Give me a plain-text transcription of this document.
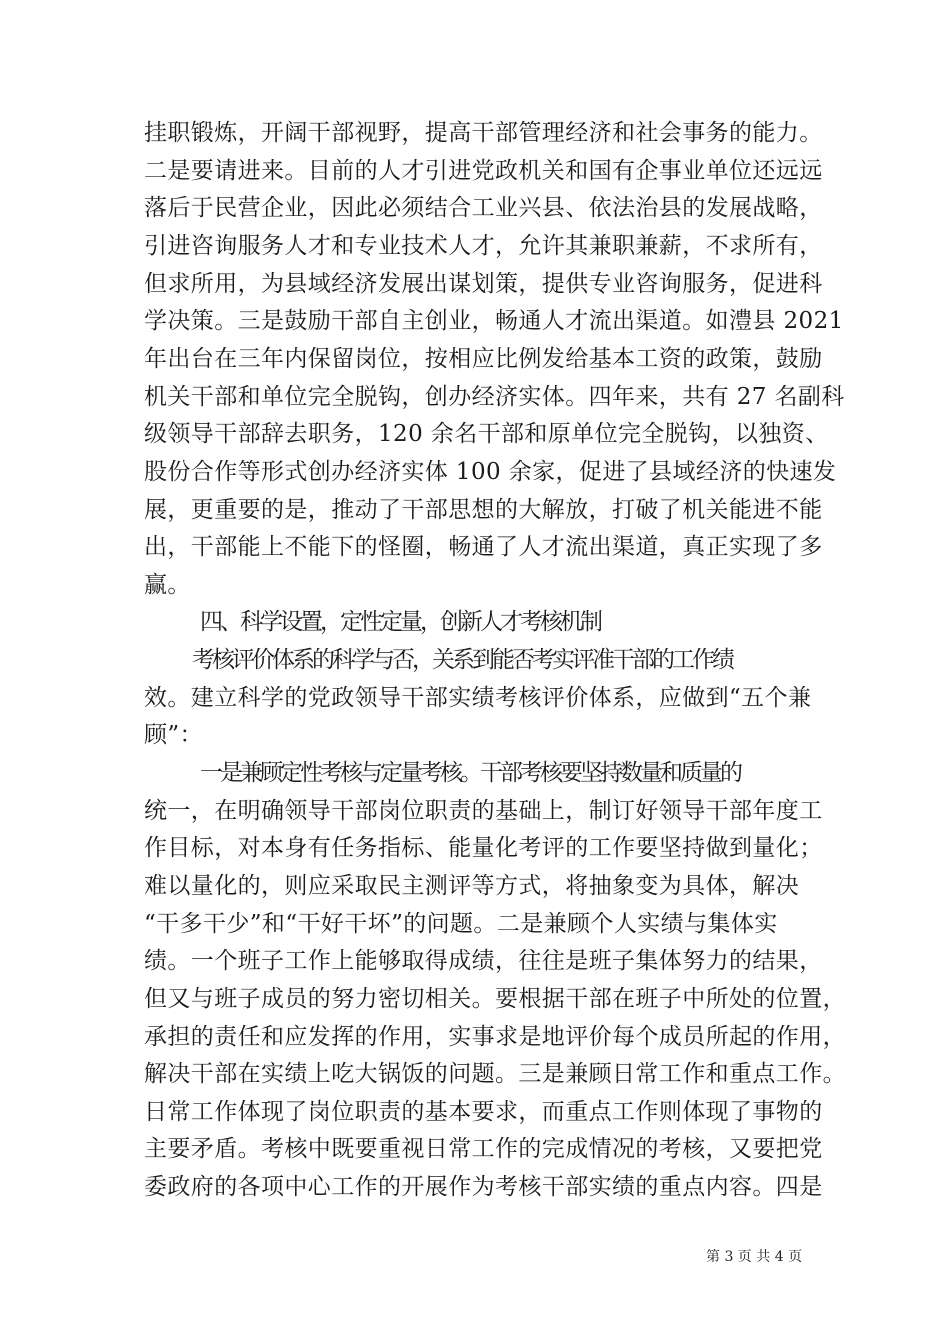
挂职锻炼，开阔干部视野，提高干部管理经济和社会事务的能力。
二是要请进来。目前的人才引进党政机关和国有企事业单位还远远
落后于民营企业，因此必须结合工业兴县、依法治县的发展战略，
引进咨询服务人才和专业技术人才，允许其兼职兼薪，不求所有，
但求所用，为县域经济发展出谋划策，提供专业咨询服务，促进科
学决策。三是鼓励干部自主创业，畅通人才流出渠道。如澧县 2021
年出台在三年内保留岗位，按相应比例发给基本工资的政策，鼓励
机关干部和单位完全脱钩，创办经济实体。四年来，共有 27 名副科
级领导干部辞去职务，120 余名干部和原单位完全脱钩，以独资、
股份合作等形式创办经济实体 100 余家，促进了县域经济的快速发
展，更重要的是，推动了干部思想的大解放，打破了机关能进不能
出，干部能上不能下的怪圈，畅通了人才流出渠道，真正实现了多
赢。
四、科学设置，定性定量，创新人才考核机制
考核评价体系的科学与否，关系到能否考实评准干部的工作绩
效。建立科学的党政领导干部实绩考核评价体系，应做到“五个兼
顾”：
一是兼顾定性考核与定量考核。干部考核要坚持数量和质量的
统一，在明确领导干部岗位职责的基础上，制订好领导干部年度工
作目标，对本身有任务指标、能量化考评的工作要坚持做到量化；
难以量化的，则应采取民主测评等方式，将抽象变为具体，解决
“干多干少”和“干好干坏”的问题。二是兼顾个人实绩与集体实
绩。一个班子工作上能够取得成绩，往往是班子集体努力的结果，
但又与班子成员的努力密切相关。要根据干部在班子中所处的位置，
承担的责任和应发挥的作用，实事求是地评价每个成员所起的作用，
解决干部在实绩上吃大锅饭的问题。三是兼顾日常工作和重点工作。
日常工作体现了岗位职责的基本要求，而重点工作则体现了事物的
主要矛盾。考核中既要重视日常工作的完成情况的考核，又要把党
委政府的各项中心工作的开展作为考核干部实绩的重点内容。四是
第 3 页 共 4 页
